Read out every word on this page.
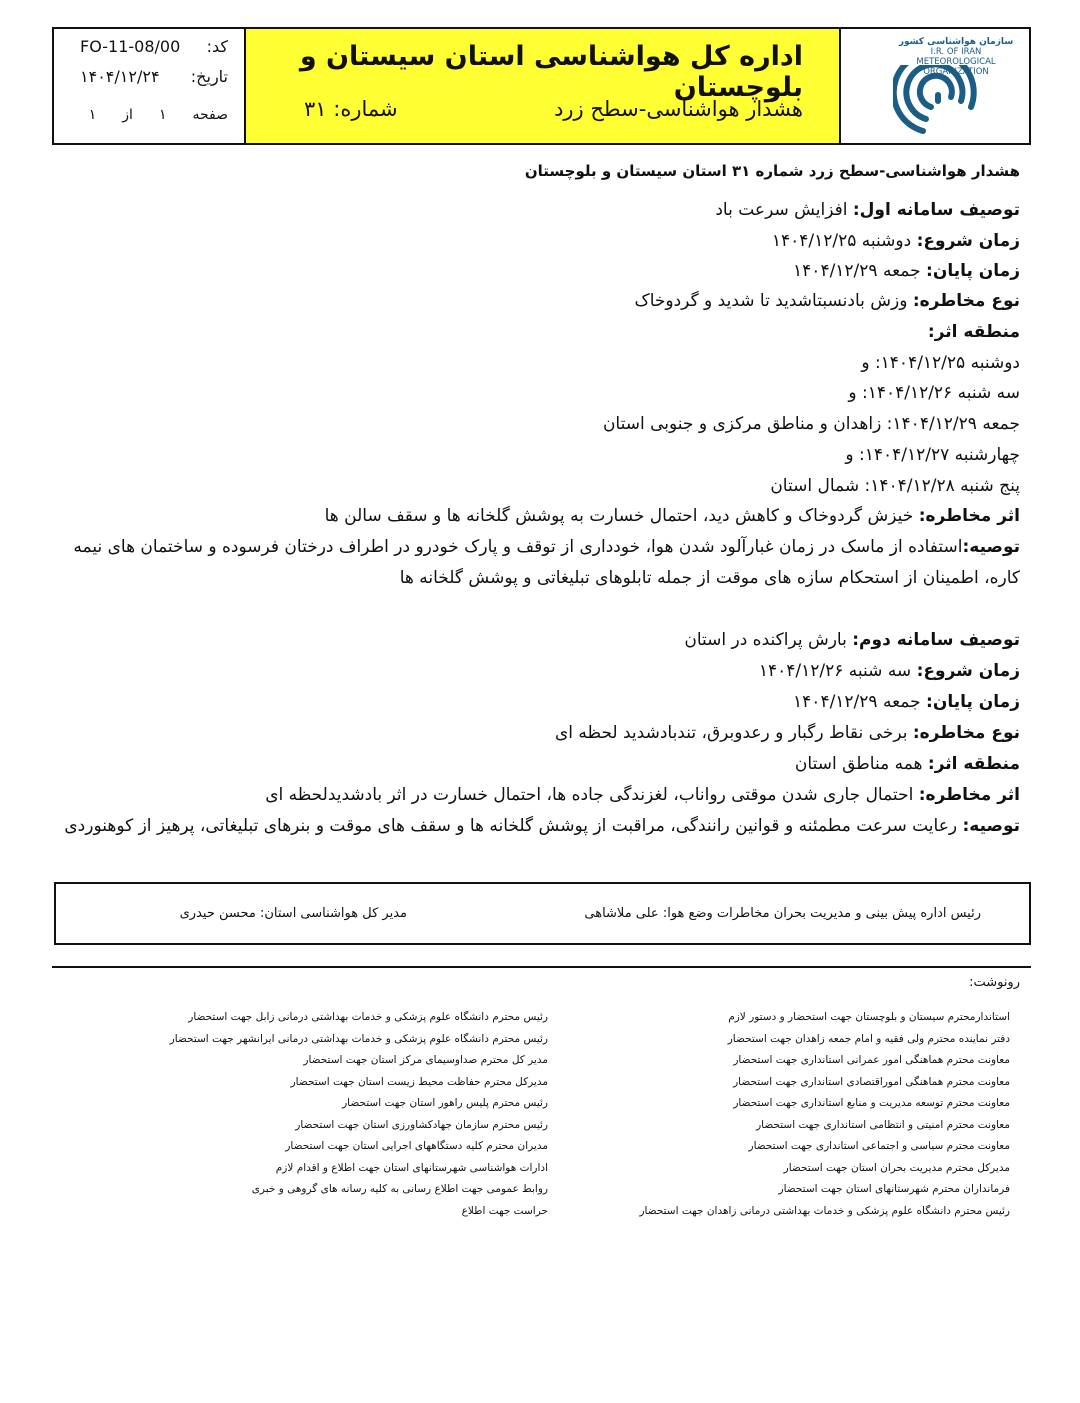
FO-11-08/00 کد:
۱۴۰۴/۱۲/۲۴ تاریخ:
صفحه
۱
از
۱
اداره کل هواشناسی استان سیستان و بلوچستان
هشدار هواشناسی-سطح زرد
شماره: ۳۱
سازمان هواشناسی کشور
I.R. OF IRAN
METEOROLOGICAL
ORGANIZATION
هشدار هواشناسی-سطح زرد شماره ۳۱ استان سیستان و بلوچستان
توصیف سامانه اول: افزایش سرعت باد
زمان شروع: دوشنبه ۱۴۰۴/۱۲/۲۵
زمان پایان: جمعه ۱۴۰۴/۱۲/۲۹
نوع مخاطره: وزش بادنسبتاشدید تا شدید و گردوخاک
منطقه اثر:
دوشنبه ۱۴۰۴/۱۲/۲۵: و
سه شنبه ۱۴۰۴/۱۲/۲۶: و
جمعه ۱۴۰۴/۱۲/۲۹: زاهدان و مناطق مرکزی و جنوبی استان
چهارشنبه ۱۴۰۴/۱۲/۲۷: و
پنج شنبه ۱۴۰۴/۱۲/۲۸: شمال استان
اثر مخاطره: خیزش گردوخاک و کاهش دید، احتمال خسارت به پوشش گلخانه ها و سقف سالن ها
توصیه:استفاده از ماسک در زمان غبارآلود شدن هوا، خودداری از توقف و پارک خودرو در اطراف درختان فرسوده و ساختمان های نیمه کاره، اطمینان از استحکام سازه های موقت از جمله تابلوهای تبلیغاتی و پوشش گلخانه ها
توصیف سامانه دوم: بارش پراکنده در استان
زمان شروع: سه شنبه ۱۴۰۴/۱۲/۲۶
زمان پایان: جمعه ۱۴۰۴/۱۲/۲۹
نوع مخاطره: برخی نقاط رگبار و رعدوبرق، تندبادشدید لحظه ای
منطقه اثر: همه مناطق استان
اثر مخاطره: احتمال جاری شدن موقتی رواناب، لغزندگی جاده ها، احتمال خسارت در اثر بادشدیدلحظه ای
توصیه: رعایت سرعت مطمئنه و قوانین رانندگی، مراقبت از پوشش گلخانه ها و سقف های موقت و بنرهای تبلیغاتی، پرهیز از کوهنوردی
رئیس اداره پیش بینی و مدیریت بحران مخاطرات وضع هوا: علی ملاشاهی
مدیر کل هواشناسی استان: محسن حیدری
رونوشت:
استاندارمحترم سیستان و بلوچستان جهت استحضار و دستور لازم
دفتر نماینده محترم ولی فقیه و امام جمعه زاهدان جهت استحضار
معاونت محترم هماهنگی امور عمرانی استانداری جهت استحضار
معاونت محترم هماهنگی اموراقتصادی استانداری جهت استحضار
معاونت محترم توسعه مدیریت و منابع استانداری جهت استحضار
معاونت محترم امنیتی و انتظامی استانداری جهت استحضار
معاونت محترم سیاسی و اجتماعی استانداری جهت استحضار
مدیرکل محترم مدیریت بحران استان جهت استحضار
فرمانداران محترم شهرستانهای استان جهت استحضار
رئیس محترم دانشگاه علوم پزشکی و خدمات بهداشتی درمانی زاهدان جهت استحضار
رئیس محترم دانشگاه علوم پزشکی و خدمات بهداشتی درمانی زابل جهت استحضار
رئیس محترم دانشگاه علوم پزشکی و خدمات بهداشتی درمانی ایرانشهر جهت استحضار
مدیر کل محترم صداوسیمای مرکز استان جهت استحضار
مدیرکل محترم حفاظت محیط زیست استان جهت استحضار
رئیس محترم پلیس راهور استان جهت استحضار
رئیس محترم سازمان جهادکشاورزی استان جهت استحضار
مدیران محترم کلیه دستگاههای اجرایی استان جهت استحضار
ادارات هواشناسی شهرستانهای استان جهت اطلاع و اقدام لازم
روابط عمومی جهت اطلاع رسانی به کلیه رسانه های گروهی و خبری
حراست جهت اطلاع
